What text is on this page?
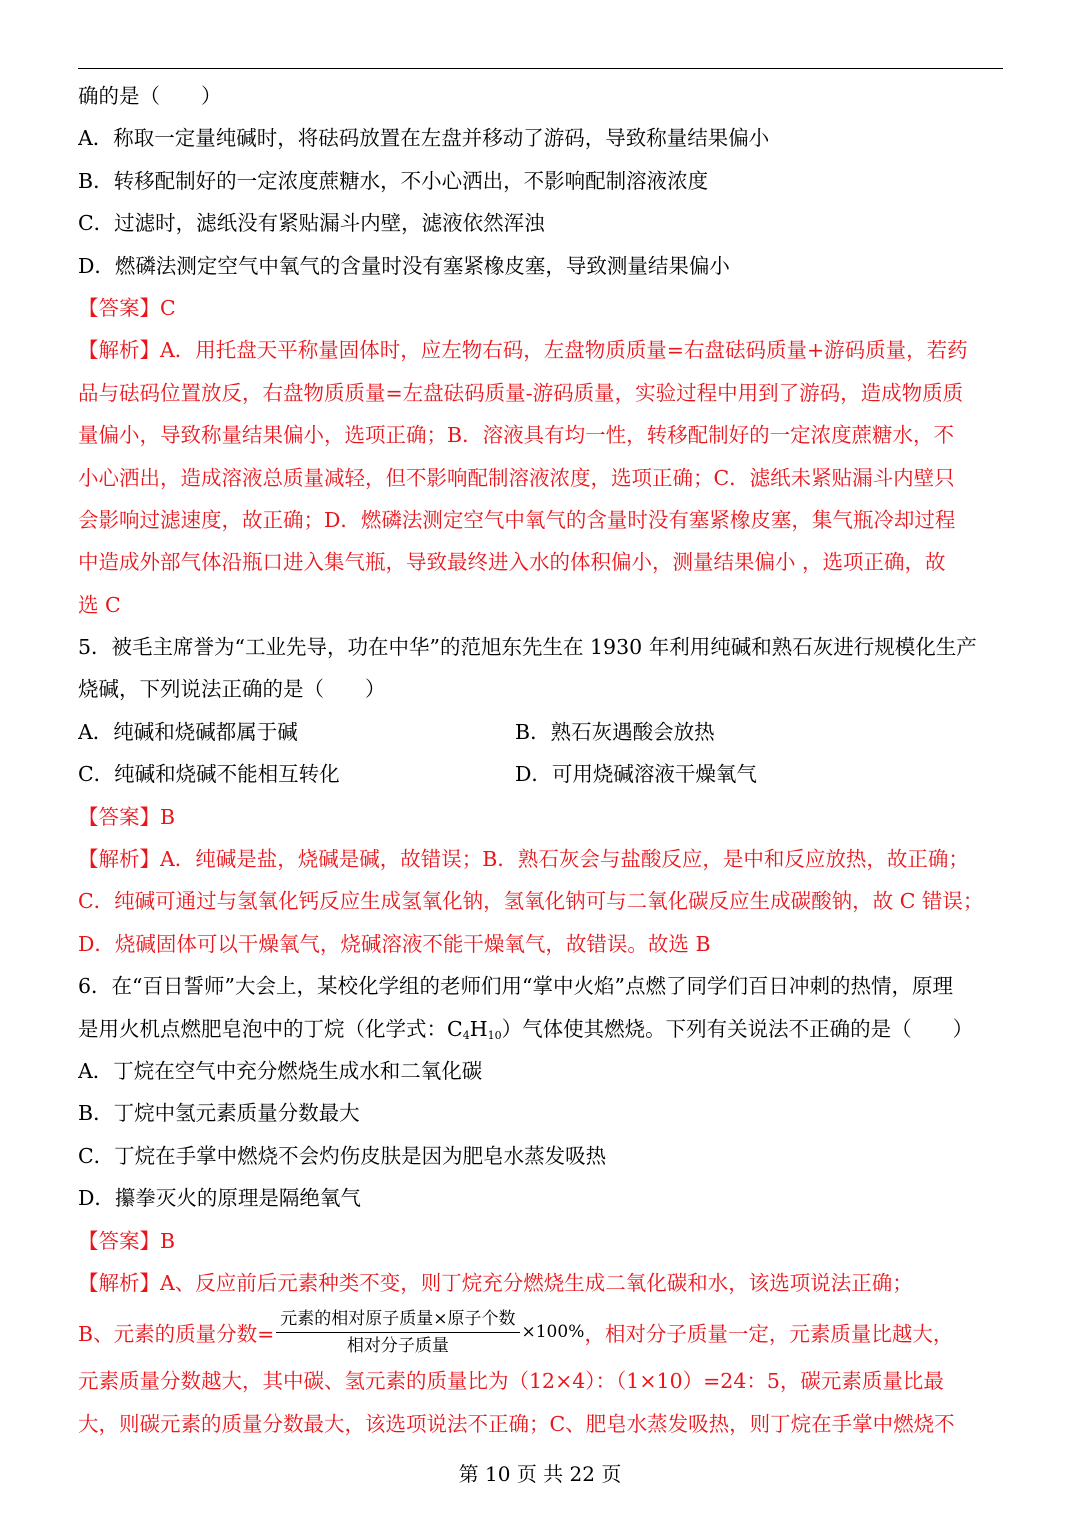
确的是（　　）
A．称取一定量纯碱时，将砝码放置在左盘并移动了游码，导致称量结果偏小
B．转移配制好的一定浓度蔗糖水，不小心洒出，不影响配制溶液浓度
C．过滤时，滤纸没有紧贴漏斗内壁，滤液依然浑浊
D．燃磷法测定空气中氧气的含量时没有塞紧橡皮塞，导致测量结果偏小
【答案】C
【解析】A．用托盘天平称量固体时，应左物右码，左盘物质质量=右盘砝码质量+游码质量，若药
品与砝码位置放反，右盘物质质量=左盘砝码质量-游码质量，实验过程中用到了游码，造成物质质
量偏小，导致称量结果偏小，选项正确；B．溶液具有均一性，转移配制好的一定浓度蔗糖水，不
小心洒出，造成溶液总质量减轻，但不影响配制溶液浓度，选项正确；C．滤纸未紧贴漏斗内壁只
会影响过滤速度，故正确；D．燃磷法测定空气中氧气的含量时没有塞紧橡皮塞，集气瓶冷却过程
中造成外部气体沿瓶口进入集气瓶，导致最终进入水的体积偏小，测量结果偏小 ，选项正确，故
选 C
5．被毛主席誉为“工业先导，功在中华”的范旭东先生在 1930 年利用纯碱和熟石灰进行规模化生产
烧碱，下列说法正确的是（　　）
A．纯碱和烧碱都属于碱	B．熟石灰遇酸会放热
C．纯碱和烧碱不能相互转化	D．可用烧碱溶液干燥氧气
【答案】B
【解析】A．纯碱是盐，烧碱是碱，故错误；B．熟石灰会与盐酸反应，是中和反应放热，故正确；
C．纯碱可通过与氢氧化钙反应生成氢氧化钠，氢氧化钠可与二氧化碳反应生成碳酸钠，故 C 错误；
D．烧碱固体可以干燥氧气，烧碱溶液不能干燥氧气，故错误。故选 B
6．在“百日誓师”大会上，某校化学组的老师们用“掌中火焰”点燃了同学们百日冲刺的热情，原理
是用火机点燃肥皂泡中的丁烷（化学式：$C_4H_{10}$）气体使其燃烧。下列有关说法不正确的是（　　）
A．丁烷在空气中充分燃烧生成水和二氧化碳
B．丁烷中氢元素质量分数最大
C．丁烷在手掌中燃烧不会灼伤皮肤是因为肥皂水蒸发吸热
D．攥拳灭火的原理是隔绝氧气
【答案】B
【解析】A、反应前后元素种类不变，则丁烷充分燃烧生成二氧化碳和水，该选项说法正确；
B、元素的质量分数= $\frac{\text{元素的相对原子质量×原子个数}}{\text{相对分子质量}} \times 100\%$ ，相对分子质量一定，元素质量比越大，
元素质量分数越大，其中碳、氢元素的质量比为（12×4）：（1×10）=24：5，碳元素质量比最
大，则碳元素的质量分数最大，该选项说法不正确；C、肥皂水蒸发吸热，则丁烷在手掌中燃烧不
第 10 页 共 22 页
